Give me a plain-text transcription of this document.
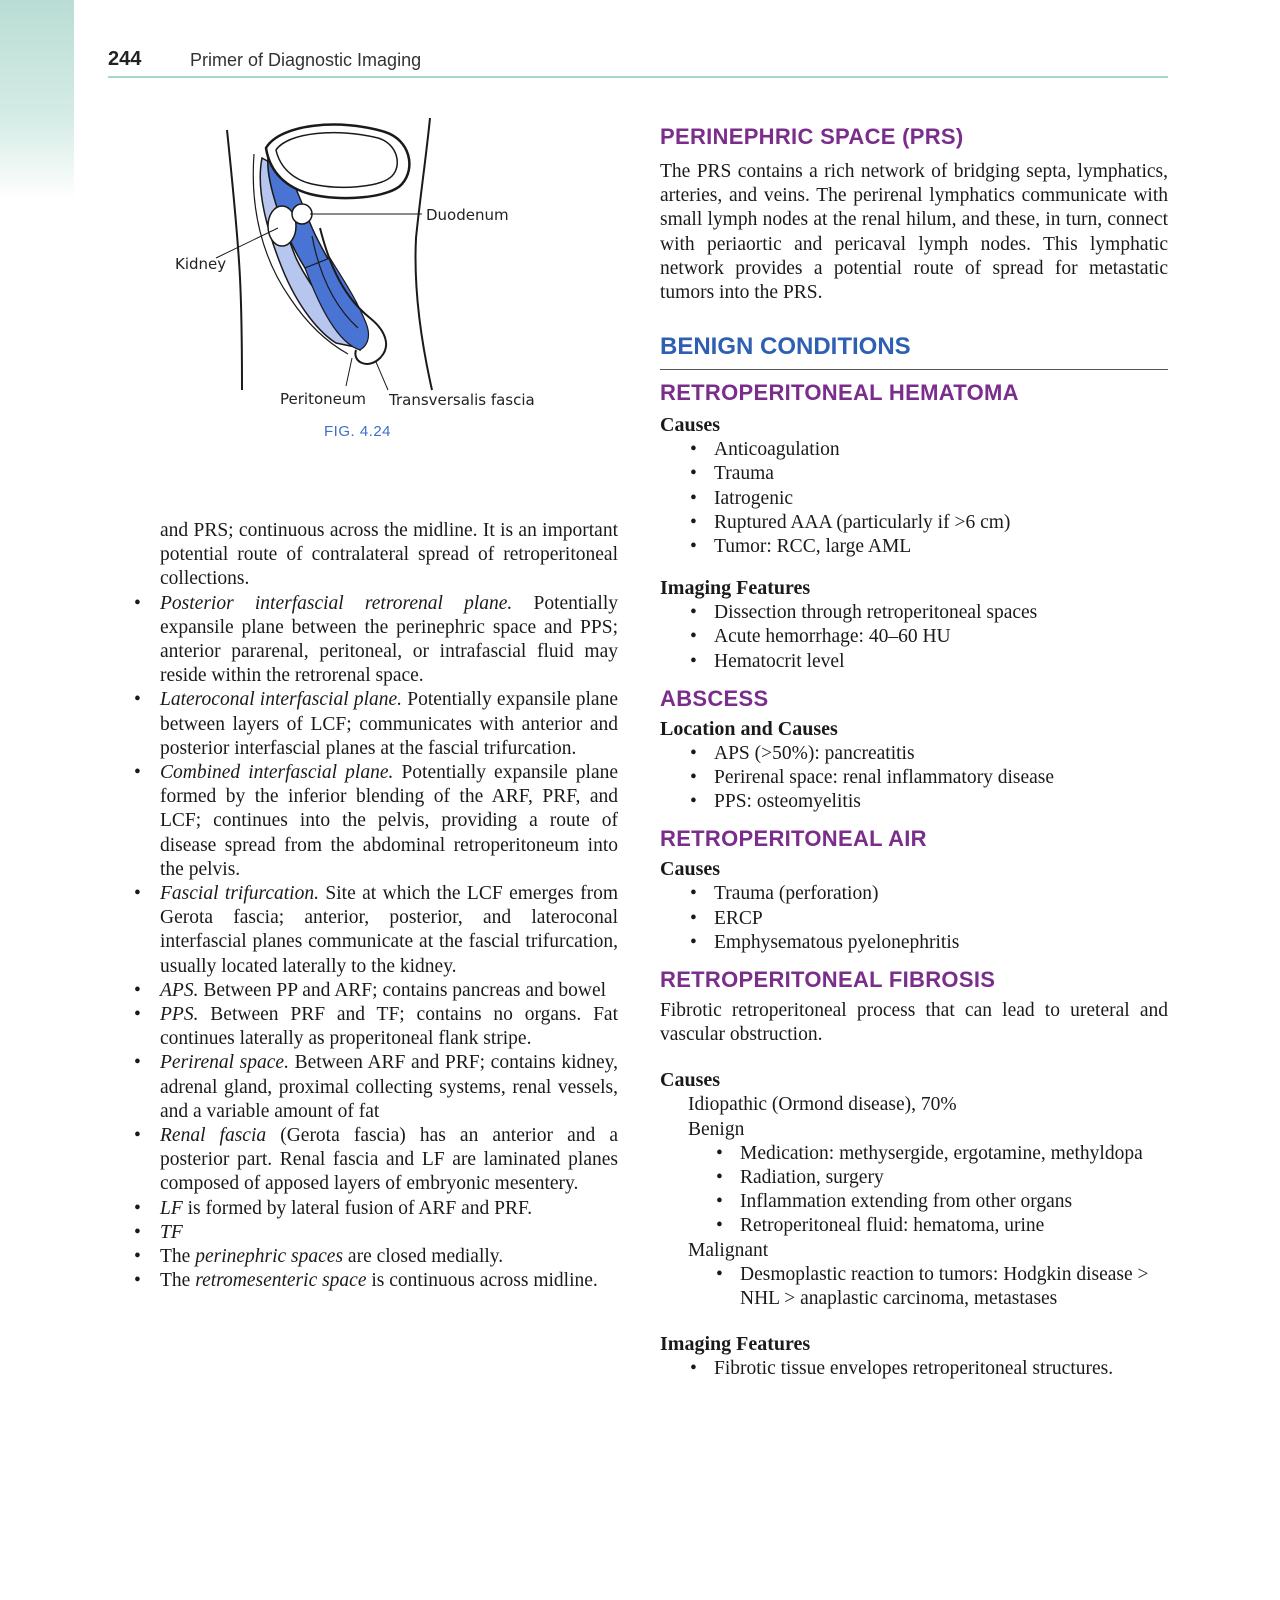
244	Primer of Diagnostic Imaging
Duodenum
Kidney
Peritoneum Transversalis fascia
FIG. 4.24

and PRS; continuous across the midline. It is an important potential route of contralateral spread of retroperitoneal collections.

• Posterior interfascial retrorenal plane. Potentially expansile plane between the perinephric space and PPS; anterior pararenal, peritoneal, or intrafascial fluid may reside within the retrorenal space.
• Lateroconal interfascial plane. Potentially expansile plane between layers of LCF; communicates with anterior and posterior interfascial planes at the fascial trifurcation.
• Combined interfascial plane. Potentially expansile plane formed by the inferior blending of the ARF, PRF, and LCF; continues into the pelvis, providing a route of disease spread from the abdominal retroperitoneum into the pelvis.
• Fascial trifurcation. Site at which the LCF emerges from Gerota fascia; anterior, posterior, and lateroconal interfascial planes communicate at the fascial trifurcation, usually located laterally to the kidney.
• APS. Between PP and ARF; contains pancreas and bowel
• PPS. Between PRF and TF; contains no organs. Fat continues laterally as properitoneal flank stripe.
• Perirenal space. Between ARF and PRF; contains kidney, adrenal gland, proximal collecting systems, renal vessels, and a variable amount of fat
• Renal fascia (Gerota fascia) has an anterior and a posterior part. Renal fascia and LF are laminated planes composed of apposed layers of embryonic mesentery.
• LF is formed by lateral fusion of ARF and PRF.
• TF
• The perinephric spaces are closed medially.
• The retromesenteric space is continuous across midline.
PERINEPHRIC SPACE (PRS)

The PRS contains a rich network of bridging septa, lymphatics, arteries, and veins. The perirenal lymphatics communicate with small lymph nodes at the renal hilum, and these, in turn, connect with periaortic and pericaval lymph nodes. This lymphatic network provides a potential route of spread for metastatic tumors into the PRS.

BENIGN CONDITIONS
RETROPERITONEAL HEMATOMA

Causes

• Anticoagulation
• Trauma
• Iatrogenic
• Ruptured AAA (particularly if >6 cm)
• Tumor: RCC, large AML

Imaging Features

• Dissection through retroperitoneal spaces
• Acute hemorrhage: 40–60 HU
• Hematocrit level
ABSCESS

Location and Causes

• APS (>50%): pancreatitis
• Perirenal space: renal inflammatory disease
• PPS: osteomyelitis
RETROPERITONEAL AIR

Causes

• Trauma (perforation)
• ERCP
• Emphysematous pyelonephritis
RETROPERITONEAL FIBROSIS

Fibrotic retroperitoneal process that can lead to ureteral and vascular obstruction.

Causes

Idiopathic (Ormond disease), 70%

Benign

• Medication: methysergide, ergotamine, methyldopa
• Radiation, surgery
• Inflammation extending from other organs
• Retroperitoneal fluid: hematoma, urine

Malignant

• Desmoplastic reaction to tumors: Hodgkin disease > NHL > anaplastic carcinoma, metastases

Imaging Features

• Fibrotic tissue envelopes retroperitoneal structures.
